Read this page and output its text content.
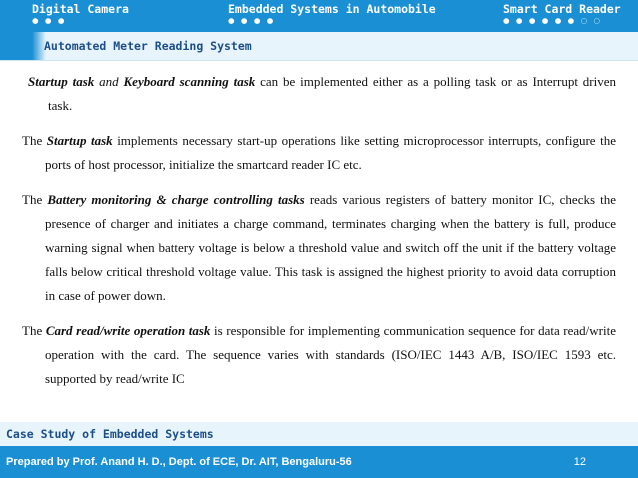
Digital Camera
● ● ●
Embedded Systems in Automobile
● ● ● ●
Smart Card Reader
● ● ● ● ● ● ○ ○
Automated Meter Reading System

Startup task and Keyboard scanning task can be implemented either as a polling task or as Interrupt driven task.

The Startup task implements necessary start-up operations like setting microprocessor interrupts, configure the ports of host processor, initialize the smartcard reader IC etc.

The Battery monitoring & charge controlling tasks reads various registers of battery monitor IC, checks the presence of charger and initiates a charge command, terminates charging when the battery is full, produce warning signal when battery voltage is below a threshold value and switch off the unit if the battery voltage falls below critical threshold voltage value. This task is assigned the highest priority to avoid data corruption in case of power down.

The Card read/write operation task is responsible for implementing communication sequence for data read/write operation with the card. The sequence varies with standards (ISO/IEC 1443 A/B, ISO/IEC 1593 etc. supported by read/write IC

Case Study of Embedded Systems
Prepared by Prof. Anand H. D., Dept. of ECE, Dr. AIT, Bengaluru-56	12
